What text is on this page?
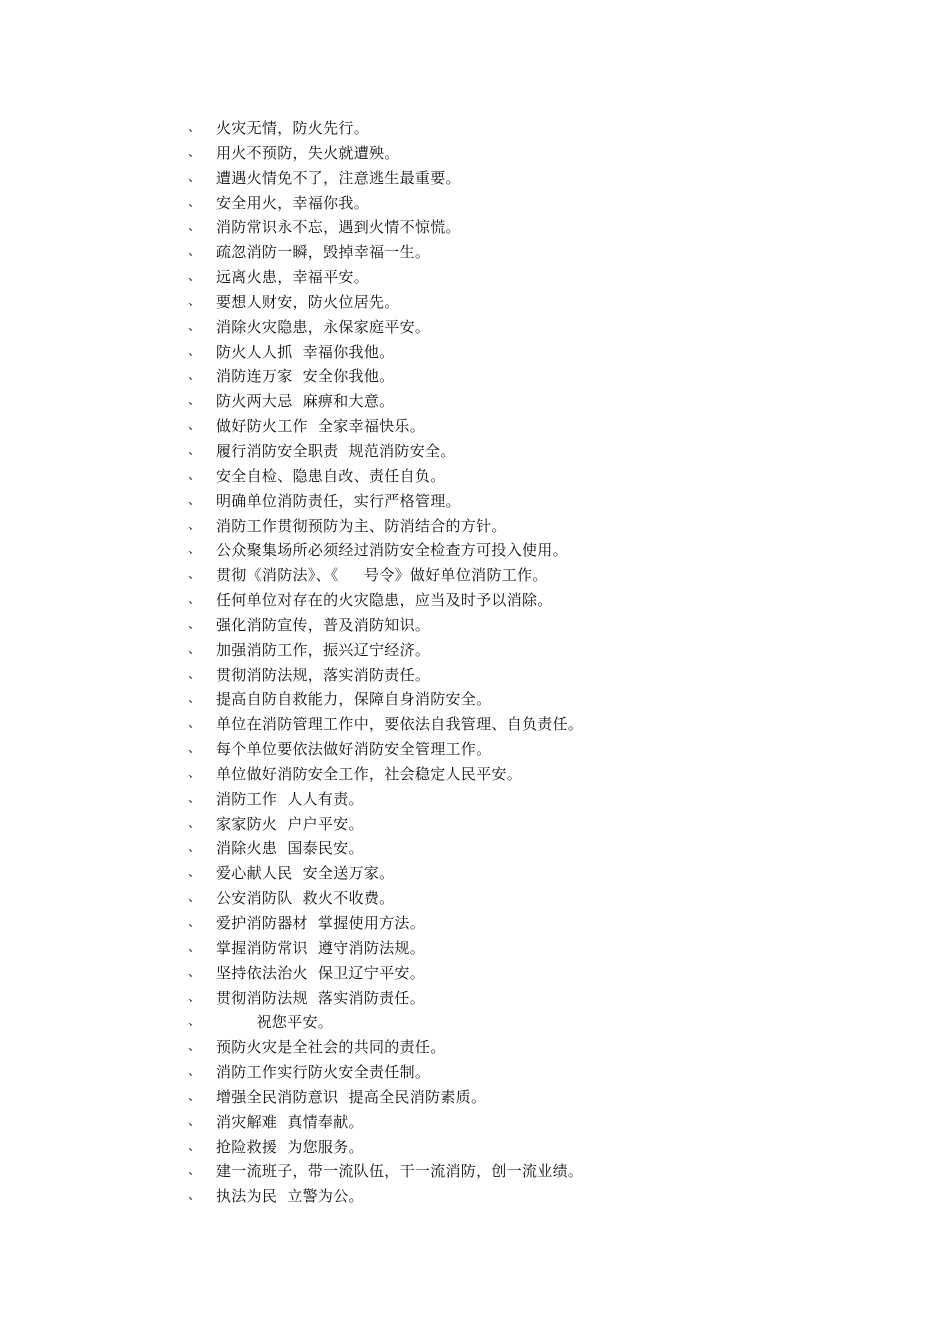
、 火灾无情，防火先行。
、 用火不预防，失火就遭殃。
、 遭遇火情免不了，注意逃生最重要。
、 安全用火，幸福你我。
、 消防常识永不忘，遇到火情不惊慌。
、 疏忽消防一瞬，毁掉幸福一生。
、 远离火患，幸福平安。
、 要想人财安，防火位居先。
、 消除火灾隐患，永保家庭平安。
、 防火人人抓  幸福你我他。
、 消防连万家  安全你我他。
、 防火两大忌  麻痹和大意。
、 做好防火工作  全家幸福快乐。
、 履行消防安全职责  规范消防安全。
、 安全自检、隐患自改、责任自负。
、 明确单位消防责任，实行严格管理。
、 消防工作贯彻预防为主、防消结合的方针。
、 公众聚集场所必须经过消防安全检查方可投入使用。
、 贯彻《消防法》、《     号令》做好单位消防工作。
、 任何单位对存在的火灾隐患，应当及时予以消除。
、 强化消防宣传，普及消防知识。
、 加强消防工作，振兴辽宁经济。
、 贯彻消防法规，落实消防责任。
、 提高自防自救能力，保障自身消防安全。
、 单位在消防管理工作中，要依法自我管理、自负责任。
、 每个单位要依法做好消防安全管理工作。
、 单位做好消防安全工作，社会稳定人民平安。
、 消防工作  人人有责。
、 家家防火  户户平安。
、 消除火患  国泰民安。
、 爱心献人民  安全送万家。
、 公安消防队  救火不收费。
、 爱护消防器材  掌握使用方法。
、 掌握消防常识  遵守消防法规。
、 坚持依法治火  保卫辽宁平安。
、 贯彻消防法规  落实消防责任。
、 祝您平安。
、 预防火灾是全社会的共同的责任。
、 消防工作实行防火安全责任制。
、 增强全民消防意识  提高全民消防素质。
、 消灾解难  真情奉献。
、 抢险救援  为您服务。
、 建一流班子，带一流队伍，干一流消防，创一流业绩。
、 执法为民  立警为公。
